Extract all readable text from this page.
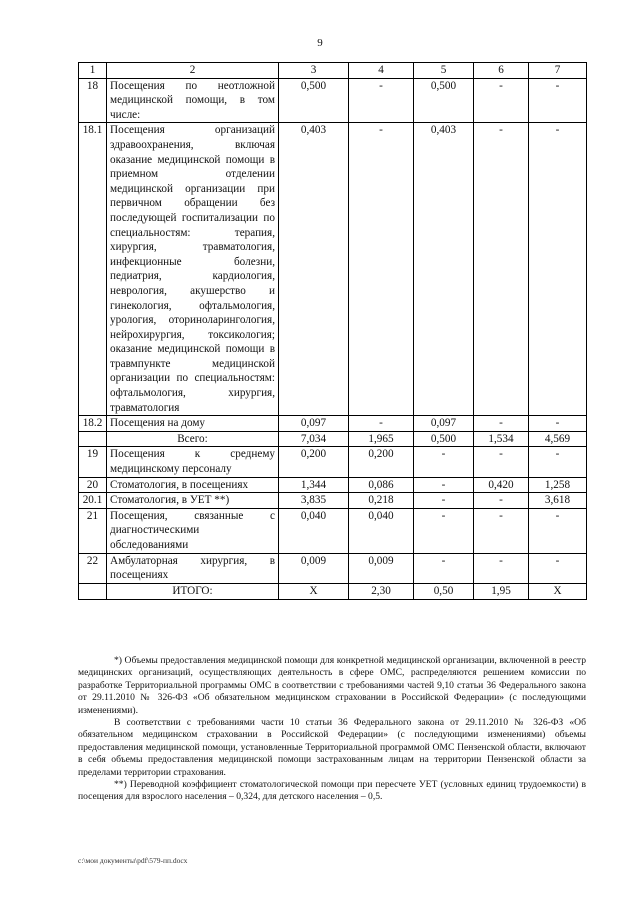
9
1	2	3	4	5	6	7
18	Посещения по неотложной медицинской помощи, в том числе:	0,500	-	0,500	-	-
18.1	Посещения организаций здравоохранения, включая оказание медицинской помощи в приемном отделении медицинской организации при первичном обращении без последующей госпитализации по специальностям: терапия, хирургия, травматология, инфекционные болезни, педиатрия, кардиология, неврология, акушерство и гинекология, офтальмология, урология, оториноларингология, нейрохирургия, токсикология; оказание медицинской помощи в травмпункте медицинской организации по специальностям: офтальмология, хирургия, травматология	0,403	-	0,403	-	-
18.2	Посещения на дому	0,097	-	0,097	-	-
	Всего:	7,034	1,965	0,500	1,534	4,569
19	Посещения к среднему медицинскому персоналу	0,200	0,200	-	-	-
20	Стоматология, в посещениях	1,344	0,086	-	0,420	1,258
20.1	Стоматология, в УЕТ **)	3,835	0,218	-	-	3,618
21	Посещения, связанные с диагностическими обследованиями	0,040	0,040	-	-	-
22	Амбулаторная хирургия, в посещениях	0,009	0,009	-	-	-
	ИТОГО:	Х	2,30	0,50	1,95	Х

*) Объемы предоставления медицинской помощи для конкретной медицинской организации, включенной в реестр медицинских организаций, осуществляющих деятельность в сфере ОМС, распределяются решением комиссии по разработке Территориальной программы ОМС в соответствии с требованиями частей 9,10 статьи 36 Федерального закона от 29.11.2010 № 326-ФЗ «Об обязательном медицинском страховании в Российской Федерации» (с последующими изменениями).

В соответствии с требованиями части 10 статьи 36 Федерального закона от 29.11.2010 № 326-ФЗ «Об обязательном медицинском страховании в Российской Федерации» (с последующими изменениями) объемы предоставления медицинской помощи, установленные Территориальной программой ОМС Пензенской области, включают в себя объемы предоставления медицинской помощи застрахованным лицам на территории Пензенской области за пределами территории страхования.

**) Переводной коэффициент стоматологической помощи при пересчете УЕТ (условных единиц трудоемкости) в посещения для взрослого населения – 0,324, для детского населения – 0,5.

c:\мои документы\pdf\579-пп.docx
